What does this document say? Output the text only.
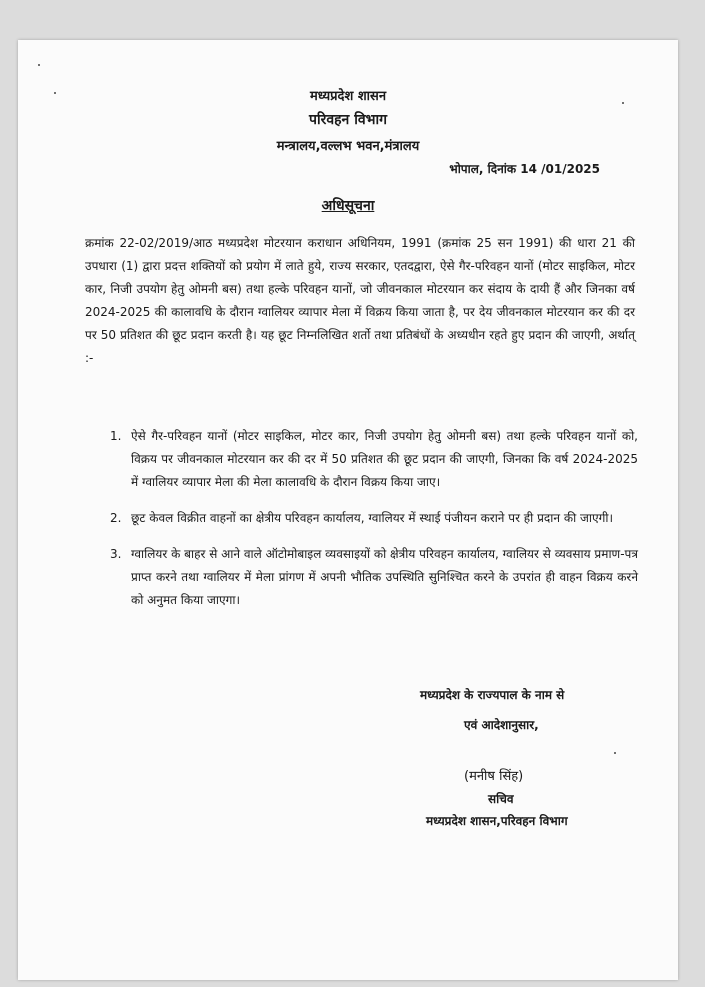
मध्यप्रदेश शासन
परिवहन विभाग
मन्त्रालय,वल्लभ भवन,मंत्रालय
भोपाल, दिनांक 14 /01/2025
अधिसूचना

क्रमांक 22-02/2019/आठ मध्यप्रदेश मोटरयान कराधान अधिनियम, 1991 (क्रमांक 25 सन 1991) की धारा 21 की उपधारा (1) द्वारा प्रदत्त शक्तियों को प्रयोग में लाते हुये, राज्य सरकार, एतदद्वारा, ऐसे गैर-परिवहन यानों (मोटर साइकिल, मोटर कार, निजी उपयोग हेतु ओमनी बस) तथा हल्के परिवहन यानों, जो जीवनकाल मोटरयान कर संदाय के दायी हैं और जिनका वर्ष 2024-2025 की कालावधि के दौरान ग्वालियर व्यापार मेला में विक्रय किया जाता है, पर देय जीवनकाल मोटरयान कर की दर पर 50 प्रतिशत की छूट प्रदान करती है। यह छूट निम्नलिखित शर्तो तथा प्रतिबंधों के अध्यधीन रहते हुए प्रदान की जाएगी, अर्थात् :-

1. ऐसे गैर-परिवहन यानों (मोटर साइकिल, मोटर कार, निजी उपयोग हेतु ओमनी बस) तथा हल्के परिवहन यानों को, विक्रय पर जीवनकाल मोटरयान कर की दर में 50 प्रतिशत की छूट प्रदान की जाएगी, जिनका कि वर्ष 2024-2025 में ग्वालियर व्यापार मेला की मेला कालावधि के दौरान विक्रय किया जाए।
2. छूट केवल विक्रीत वाहनों का क्षेत्रीय परिवहन कार्यालय, ग्वालियर में स्थाई पंजीयन कराने पर ही प्रदान की जाएगी।
3. ग्वालियर के बाहर से आने वाले ऑटोमोबाइल व्यवसाइयों को क्षेत्रीय परिवहन कार्यालय, ग्वालियर से व्यवसाय प्रमाण-पत्र प्राप्त करने तथा ग्वालियर में मेला प्रांगण में अपनी भौतिक उपस्थिति सुनिश्चित करने के उपरांत ही वाहन विक्रय करने को अनुमत किया जाएगा।
मध्यप्रदेश के राज्यपाल के नाम से
एवं आदेशानुसार,
(मनीष सिंह)
सचिव
मध्यप्रदेश शासन,परिवहन विभाग
